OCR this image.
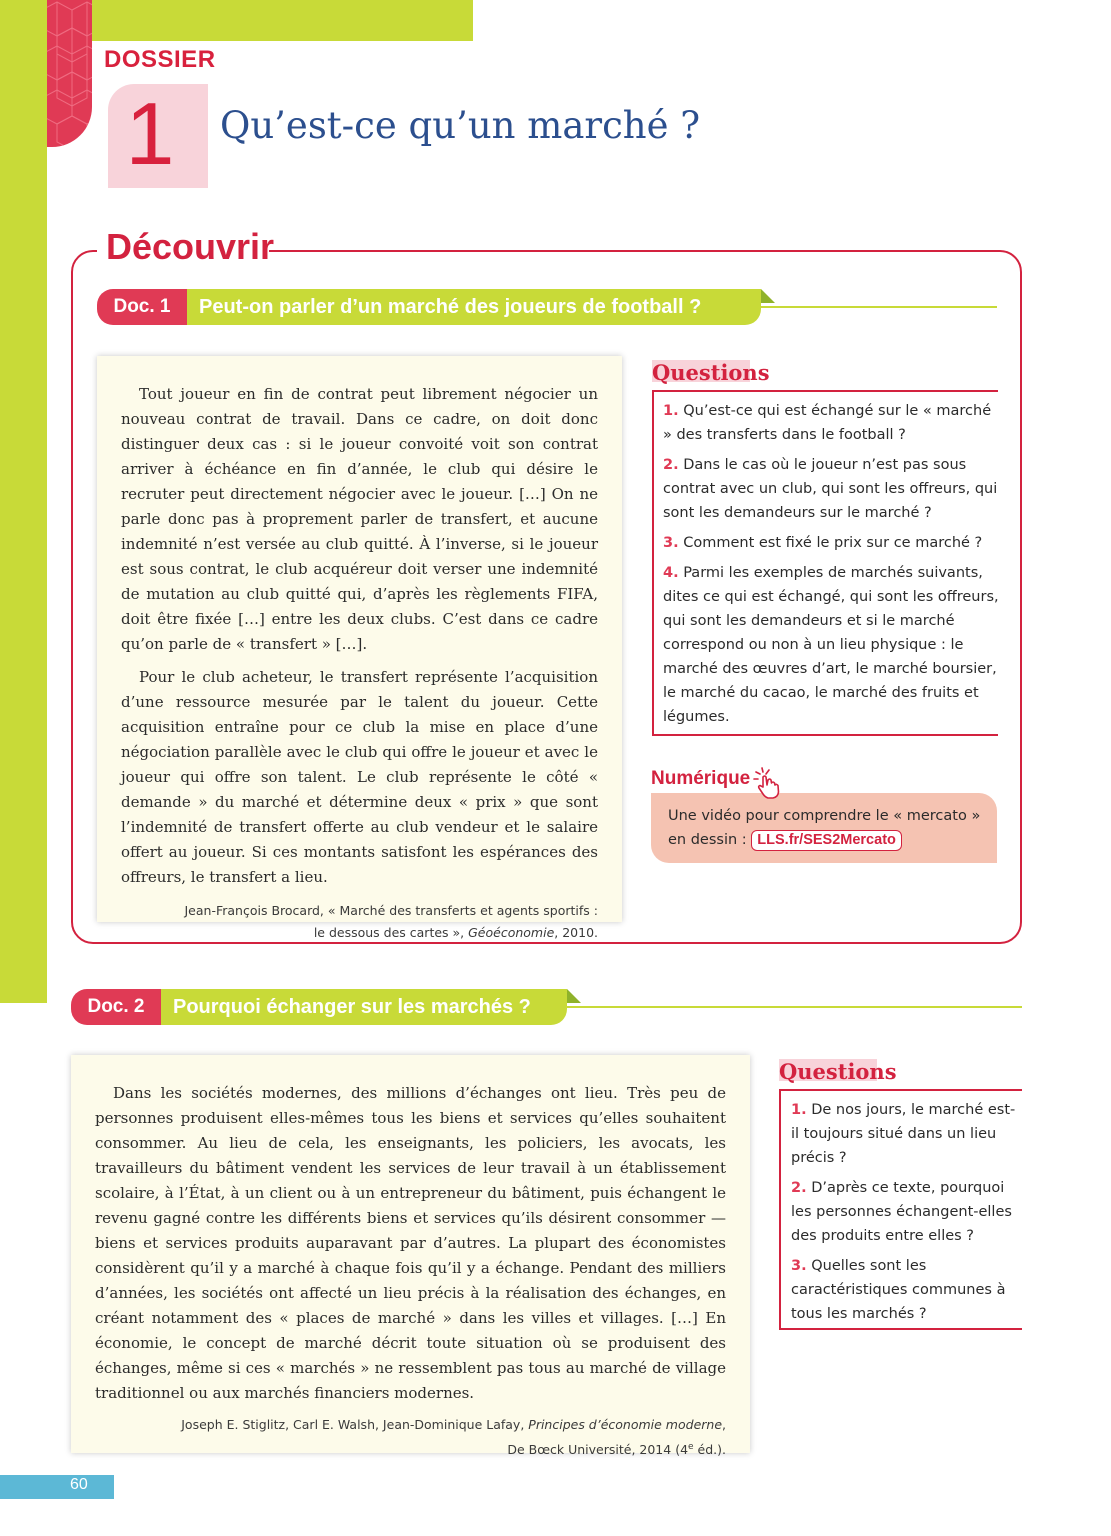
DOSSIER
1	Qu’est-ce qu’un marché ?
Découvrir
Doc. 1	Peut-on parler d’un marché des joueurs de football ?

Tout joueur en fin de contrat peut librement négocier un nouveau contrat de travail. Dans ce cadre, on doit donc distinguer deux cas : si le joueur convoité voit son contrat arriver à échéance en fin d’année, le club qui désire le recruter peut directement négocier avec le joueur. […] On ne parle donc pas à proprement parler de transfert, et aucune indemnité n’est versée au club quitté. À l’inverse, si le joueur est sous contrat, le club acquéreur doit verser une indemnité de mutation au club quitté qui, d’après les règlements FIFA, doit être fixée […] entre les deux clubs. C’est dans ce cadre qu’on parle de « transfert » […].

Pour le club acheteur, le transfert représente l’acquisition d’une ressource mesurée par le talent du joueur. Cette acquisition entraîne pour ce club la mise en place d’une négociation parallèle avec le club qui offre le joueur et avec le joueur qui offre son talent. Le club représente le côté « demande » du marché et détermine deux « prix » que sont l’indemnité de transfert offerte au club vendeur et le salaire offert au joueur. Si ces montants satisfont les espérances des offreurs, le transfert a lieu.

Jean-François Brocard, « Marché des transferts et agents sportifs :
le dessous des cartes », Géoéconomie, 2010.
Questions
1. Qu’est-ce qui est échangé sur le « marché » des transferts dans le football ?
2. Dans le cas où le joueur n’est pas sous contrat avec un club, qui sont les offreurs, qui sont les demandeurs sur le marché ?
3. Comment est fixé le prix sur ce marché ?
4. Parmi les exemples de marchés suivants, dites ce qui est échangé, qui sont les offreurs, qui sont les demandeurs et si le marché correspond ou non à un lieu physique : le marché des œuvres d’art, le marché boursier, le marché du cacao, le marché des fruits et légumes.
Numérique
Une vidéo pour comprendre le « mercato » en dessin : LLS.fr/SES2Mercato
Doc. 2	Pourquoi échanger sur les marchés ?

Dans les sociétés modernes, des millions d’échanges ont lieu. Très peu de personnes produisent elles-mêmes tous les biens et services qu’elles souhaitent consommer. Au lieu de cela, les enseignants, les policiers, les avocats, les travailleurs du bâtiment vendent les services de leur travail à un établissement scolaire, à l’État, à un client ou à un entrepreneur du bâtiment, puis échangent le revenu gagné contre les différents biens et services qu’ils désirent consommer — biens et services produits auparavant par d’autres. La plupart des économistes considèrent qu’il y a marché à chaque fois qu’il y a échange. Pendant des milliers d’années, les sociétés ont affecté un lieu précis à la réalisation des échanges, en créant notamment des « places de marché » dans les villes et villages. […] En économie, le concept de marché décrit toute situation où se produisent des échanges, même si ces « marchés » ne ressemblent pas tous au marché de village traditionnel ou aux marchés financiers modernes.

Joseph E. Stiglitz, Carl E. Walsh, Jean-Dominique Lafay, Principes d’économie moderne,
De Bœck Université, 2014 (4e éd.).
Questions
1. De nos jours, le marché est-il toujours situé dans un lieu précis ?
2. D’après ce texte, pourquoi les personnes échangent-elles des produits entre elles ?
3. Quelles sont les caractéristiques communes à tous les marchés ?
60
